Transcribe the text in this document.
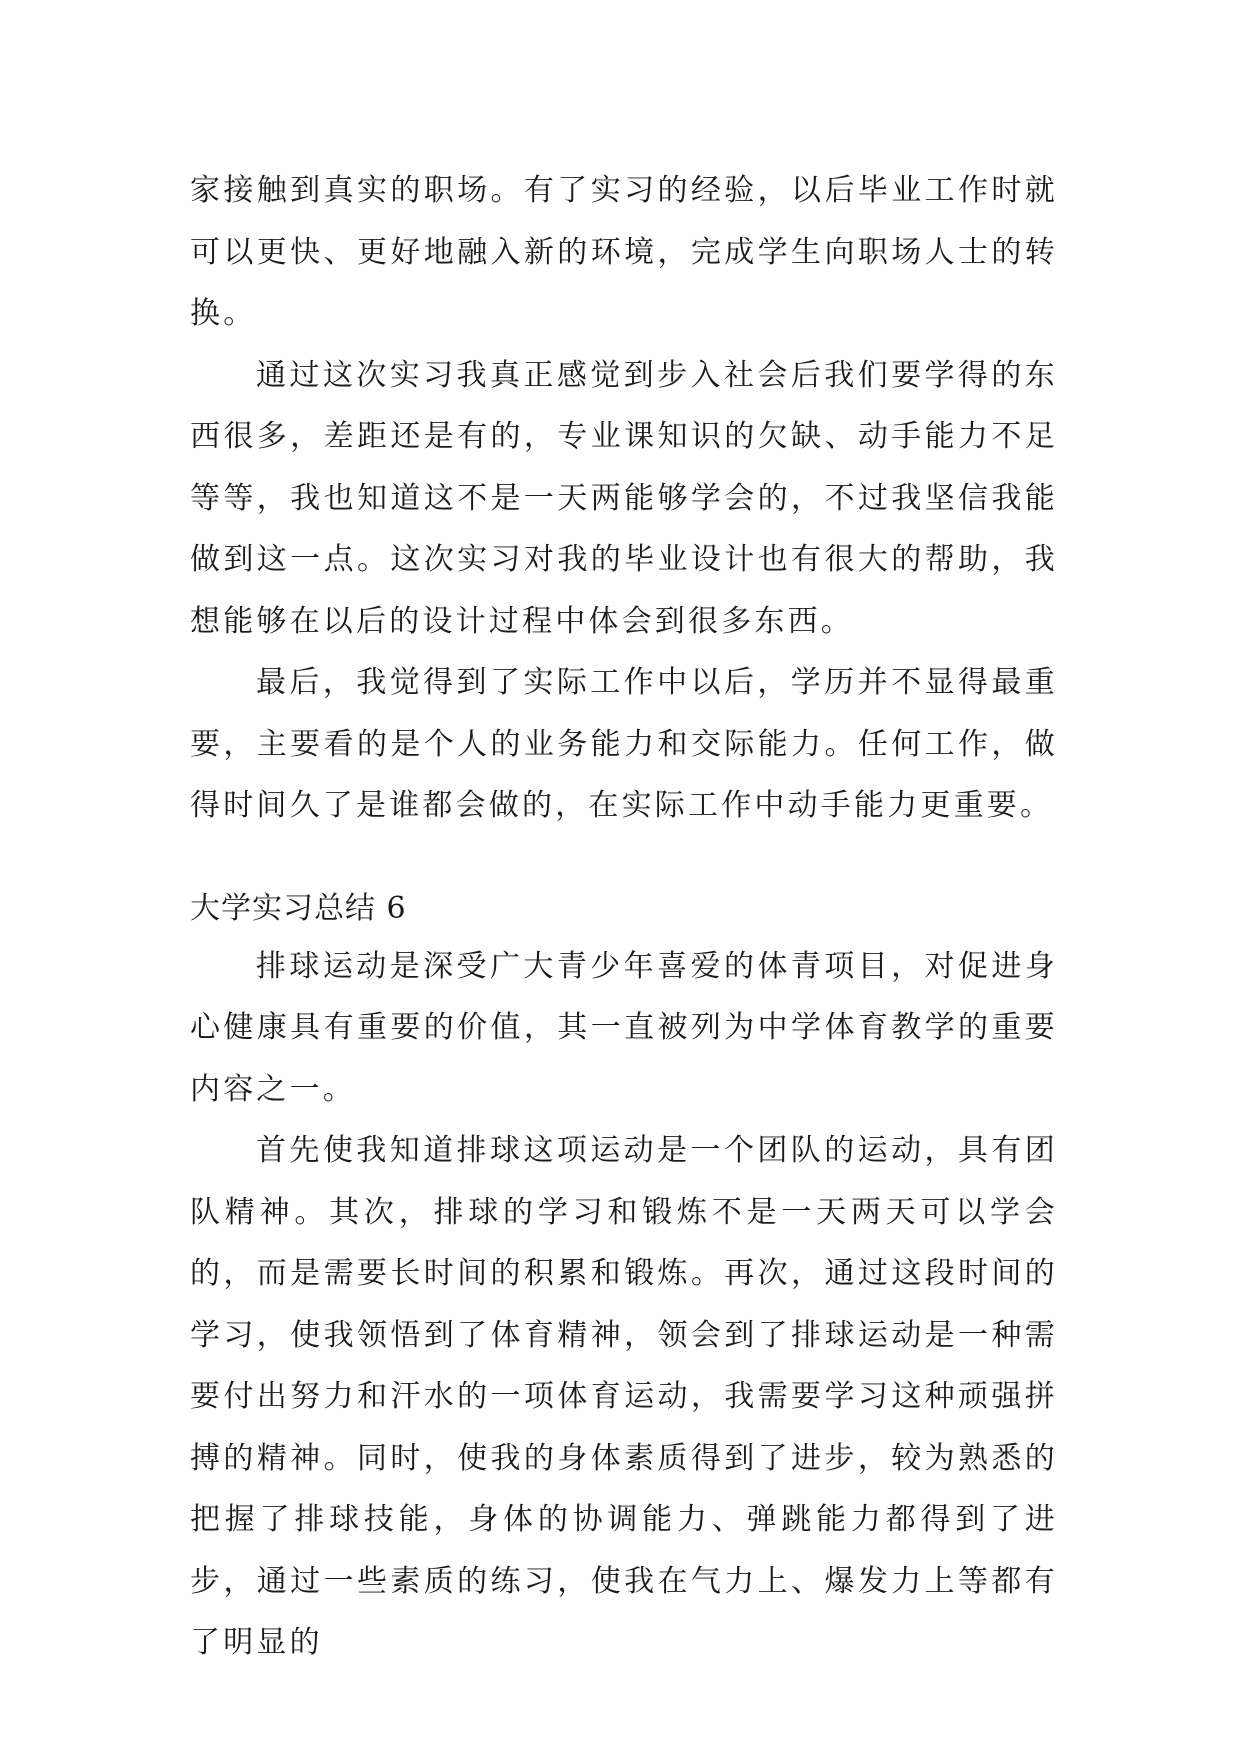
家接触到真实的职场。有了实习的经验，以后毕业工作时就可以更快、更好地融入新的环境，完成学生向职场人士的转换。

通过这次实习我真正感觉到步入社会后我们要学得的东西很多，差距还是有的，专业课知识的欠缺、动手能力不足等等，我也知道这不是一天两能够学会的，不过我坚信我能做到这一点。这次实习对我的毕业设计也有很大的帮助，我想能够在以后的设计过程中体会到很多东西。

最后，我觉得到了实际工作中以后，学历并不显得最重要，主要看的是个人的业务能力和交际能力。任何工作，做得时间久了是谁都会做的，在实际工作中动手能力更重要。

大学实习总结 6

排球运动是深受广大青少年喜爱的体青项目，对促进身心健康具有重要的价值，其一直被列为中学体育教学的重要内容之一。

首先使我知道排球这项运动是一个团队的运动，具有团队精神。其次，排球的学习和锻炼不是一天两天可以学会的，而是需要长时间的积累和锻炼。再次，通过这段时间的学习，使我领悟到了体育精神，领会到了排球运动是一种需要付出努力和汗水的一项体育运动，我需要学习这种顽强拼搏的精神。同时，使我的身体素质得到了进步，较为熟悉的把握了排球技能，身体的协调能力、弹跳能力都得到了进步，通过一些素质的练习，使我在气力上、爆发力上等都有了明显的
